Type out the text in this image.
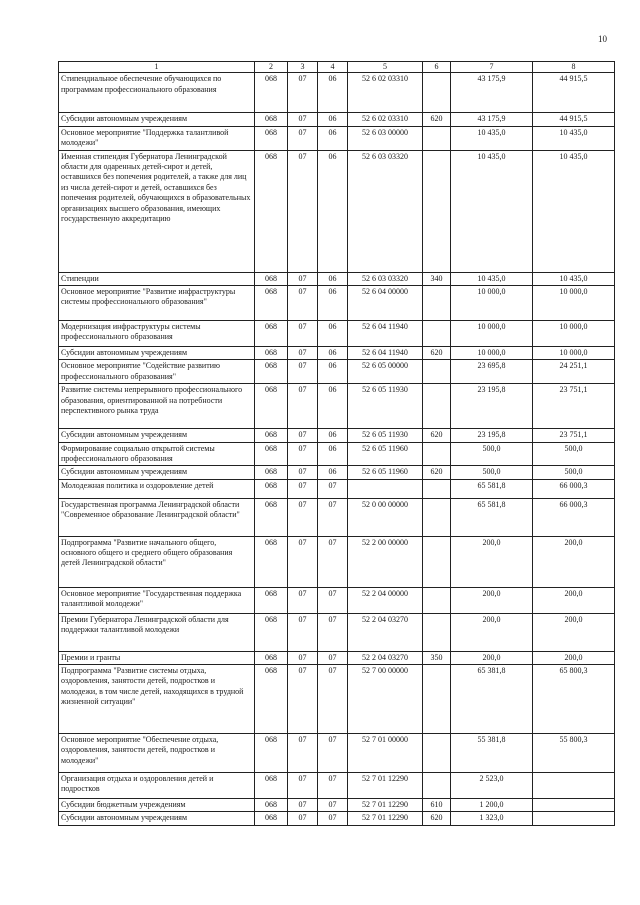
10
1	2	3	4	5	6	7	8
Стипендиальное обеспечение обучающихся по программам профессионального образования	068	07	06	52 6 02 03310		43 175,9	44 915,5
Субсидии автономным учреждениям	068	07	06	52 6 02 03310	620	43 175,9	44 915,5
Основное мероприятие "Поддержка талантливой молодежи"	068	07	06	52 6 03 00000		10 435,0	10 435,0
Именная стипендия Губернатора Ленинградской области для одаренных детей-сирот и детей, оставшихся без попечения родителей, а также для лиц из числа детей-сирот и детей, оставшихся без попечения родителей, обучающихся в образовательных организациях высшего образования, имеющих государственную аккредитацию	068	07	06	52 6 03 03320		10 435,0	10 435,0
Стипендии	068	07	06	52 6 03 03320	340	10 435,0	10 435,0
Основное мероприятие "Развитие инфраструктуры системы профессионального образования"	068	07	06	52 6 04 00000		10 000,0	10 000,0
Модернизация инфраструктуры системы профессионального образования	068	07	06	52 6 04 11940		10 000,0	10 000,0
Субсидии автономным учреждениям	068	07	06	52 6 04 11940	620	10 000,0	10 000,0
Основное мероприятие "Содействие развитию профессионального образования"	068	07	06	52 6 05 00000		23 695,8	24 251,1
Развитие системы непрерывного профессионального образования, ориентированной на потребности перспективного рынка труда	068	07	06	52 6 05 11930		23 195,8	23 751,1
Субсидии автономным учреждениям	068	07	06	52 6 05 11930	620	23 195,8	23 751,1
Формирование социально открытой системы профессионального образования	068	07	06	52 6 05 11960		500,0	500,0
Субсидии автономным учреждениям	068	07	06	52 6 05 11960	620	500,0	500,0
Молодежная политика и оздоровление детей	068	07	07			65 581,8	66 000,3
Государственная программа Ленинградской области "Современное образование Ленинградской области"	068	07	07	52 0 00 00000		65 581,8	66 000,3
Подпрограмма "Развитие начального общего, основного общего и среднего общего образования детей Ленинградской области"	068	07	07	52 2 00 00000		200,0	200,0
Основное мероприятие "Государственная поддержка талантливой молодежи"	068	07	07	52 2 04 00000		200,0	200,0
Премии Губернатора Ленинградской области для поддержки талантливой молодежи	068	07	07	52 2 04 03270		200,0	200,0
Премии и гранты	068	07	07	52 2 04 03270	350	200,0	200,0
Подпрограмма "Развитие системы отдыха, оздоровления, занятости детей, подростков и молодежи, в том числе детей, находящихся в трудной жизненной ситуации"	068	07	07	52 7 00 00000		65 381,8	65 800,3
Основное мероприятие "Обеспечение отдыха, оздоровления, занятости детей, подростков и молодежи"	068	07	07	52 7 01 00000		55 381,8	55 800,3
Организация отдыха и оздоровления детей и подростков	068	07	07	52 7 01 12290		2 523,0	
Субсидии бюджетным учреждениям	068	07	07	52 7 01 12290	610	1 200,0	
Субсидии автономным учреждениям	068	07	07	52 7 01 12290	620	1 323,0	
